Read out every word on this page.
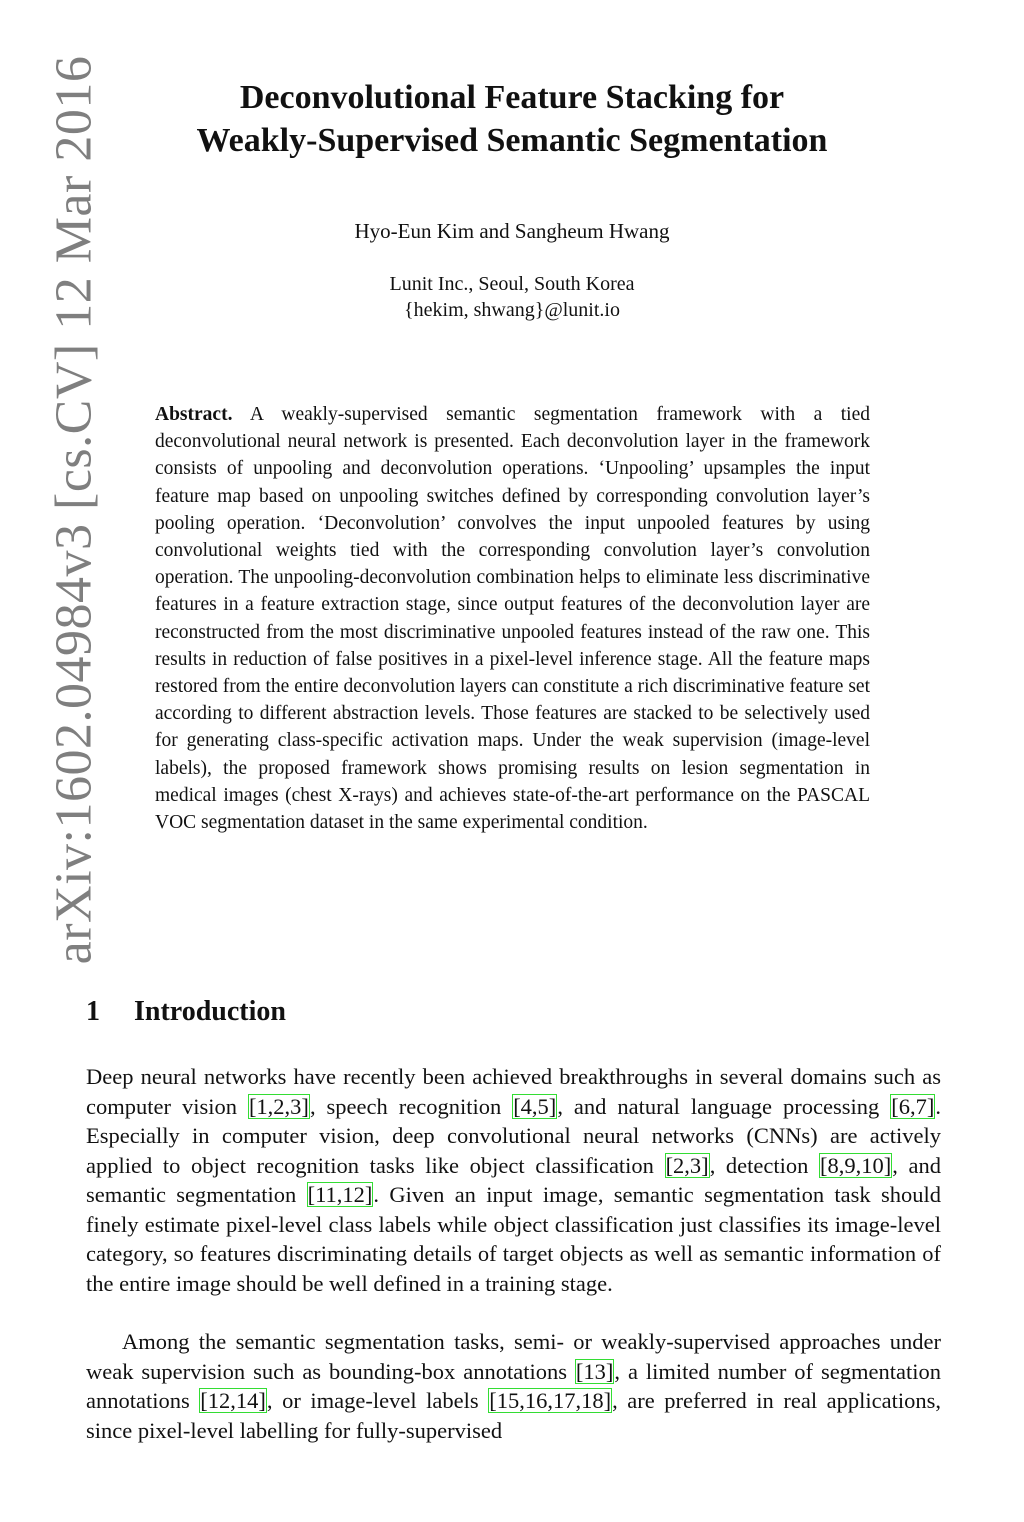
arXiv:1602.04984v3 [cs.CV] 12 Mar 2016	Deconvolutional Feature Stacking for
Weakly-Supervised Semantic Segmentation
Hyo-Eun Kim and Sangheum Hwang
Lunit Inc., Seoul, South Korea
{hekim, shwang}@lunit.io

Abstract. A weakly-supervised semantic segmentation framework with a tied deconvolutional neural network is presented. Each deconvolution layer in the framework consists of unpooling and deconvolution operations. ‘Unpooling’ upsamples the input feature map based on unpooling switches defined by corresponding convolution layer’s pooling operation. ‘Deconvolution’ convolves the input unpooled features by using convolutional weights tied with the corresponding convolution layer’s convolution operation. The unpooling-deconvolution combination helps to eliminate less discriminative features in a feature extraction stage, since output features of the deconvolution layer are reconstructed from the most discriminative unpooled features instead of the raw one. This results in reduction of false positives in a pixel-level inference stage. All the feature maps restored from the entire deconvolution layers can constitute a rich discriminative feature set according to different abstraction levels. Those features are stacked to be selectively used for generating class-specific activation maps. Under the weak supervision (image-level labels), the proposed framework shows promising results on lesion segmentation in medical images (chest X-rays) and achieves state-of-the-art performance on the PASCAL VOC segmentation dataset in the same experimental condition.

1 Introduction

Deep neural networks have recently been achieved breakthroughs in several domains such as computer vision [1,2,3], speech recognition [4,5], and natural language processing [6,7]. Especially in computer vision, deep convolutional neural networks (CNNs) are actively applied to object recognition tasks like object classification [2,3], detection [8,9,10], and semantic segmentation [11,12]. Given an input image, semantic segmentation task should finely estimate pixel-level class labels while object classification just classifies its image-level category, so features discriminating details of target objects as well as semantic information of the entire image should be well defined in a training stage.

Among the semantic segmentation tasks, semi- or weakly-supervised approaches under weak supervision such as bounding-box annotations [13], a limited number of segmentation annotations [12,14], or image-level labels [15,16,17,18], are preferred in real applications, since pixel-level labelling for fully-supervised
